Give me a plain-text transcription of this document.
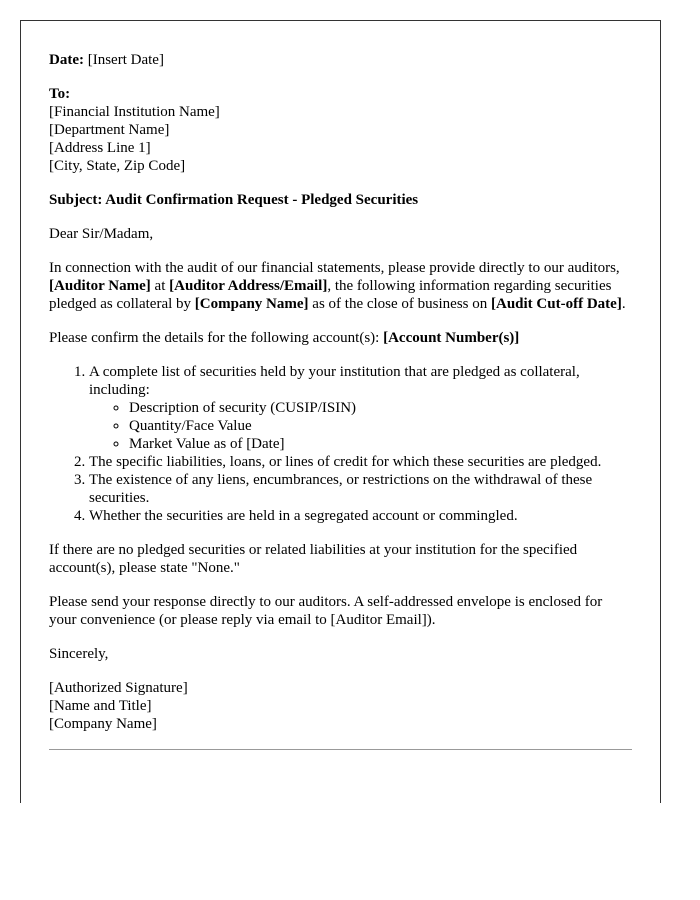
Date: [Insert Date]

To:
[Financial Institution Name]
[Department Name]
[Address Line 1]
[City, State, Zip Code]

Subject: Audit Confirmation Request - Pledged Securities

Dear Sir/Madam,

In connection with the audit of our financial statements, please provide directly to our auditors, [Auditor Name] at [Auditor Address/Email], the following information regarding securities pledged as collateral by [Company Name] as of the close of business on [Audit Cut-off Date].

Please confirm the details for the following account(s): [Account Number(s)]

1. A complete list of securities held by your institution that are pledged as collateral, including:
◦ Description of security (CUSIP/ISIN)
◦ Quantity/Face Value
◦ Market Value as of [Date]
2. The specific liabilities, loans, or lines of credit for which these securities are pledged.
3. The existence of any liens, encumbrances, or restrictions on the withdrawal of these securities.
4. Whether the securities are held in a segregated account or commingled.

If there are no pledged securities or related liabilities at your institution for the specified account(s), please state "None."

Please send your response directly to our auditors. A self-addressed envelope is enclosed for your convenience (or please reply via email to [Auditor Email]).

Sincerely,

[Authorized Signature]
[Name and Title]
[Company Name]
